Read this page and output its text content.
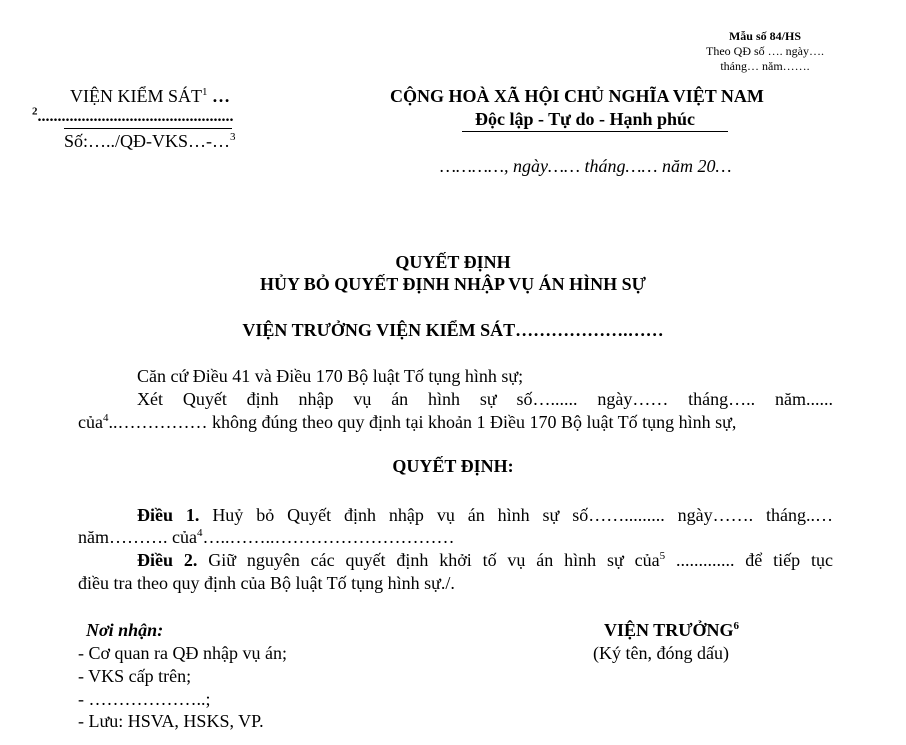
Mẫu số 84/HS
Theo QĐ số …. ngày….
tháng… năm…….
VIỆN KIỂM SÁT$^1$ …
$^2$.................................................
Số:…../QĐ-VKS…-…$^3$
CỘNG HOÀ XÃ HỘI CHỦ NGHĨA VIỆT NAM
Độc lập - Tự do - Hạnh phúc
…………, ngày…… tháng…… năm 20…
QUYẾT ĐỊNH
HỦY BỎ QUYẾT ĐỊNH NHẬP VỤ ÁN HÌNH SỰ
VIỆN TRƯỞNG VIỆN KIỂM SÁT……………….……
Căn cứ Điều 41 và Điều 170 Bộ luật Tố tụng hình sự;
Xét Quyết định nhập vụ án hình sự số…...... ngày…… tháng….. năm......
của$^4$..…………… không đúng theo quy định tại khoản 1 Điều 170 Bộ luật Tố tụng hình sự,
QUYẾT ĐỊNH:
Điều 1. Huỷ bỏ Quyết định nhập vụ án hình sự số……......... ngày……. tháng..…
năm………. của$^4$…..……..…………………………
Điều 2. Giữ nguyên các quyết định khởi tố vụ án hình sự của$^5$ ............. để tiếp tục
điều tra theo quy định của Bộ luật Tố tụng hình sự./.
Nơi nhận:
- Cơ quan ra QĐ nhập vụ án;
- VKS cấp trên;
- ………………..;
- Lưu: HSVA, HSKS, VP.
VIỆN TRƯỞNG$^6$
(Ký tên, đóng dấu)
